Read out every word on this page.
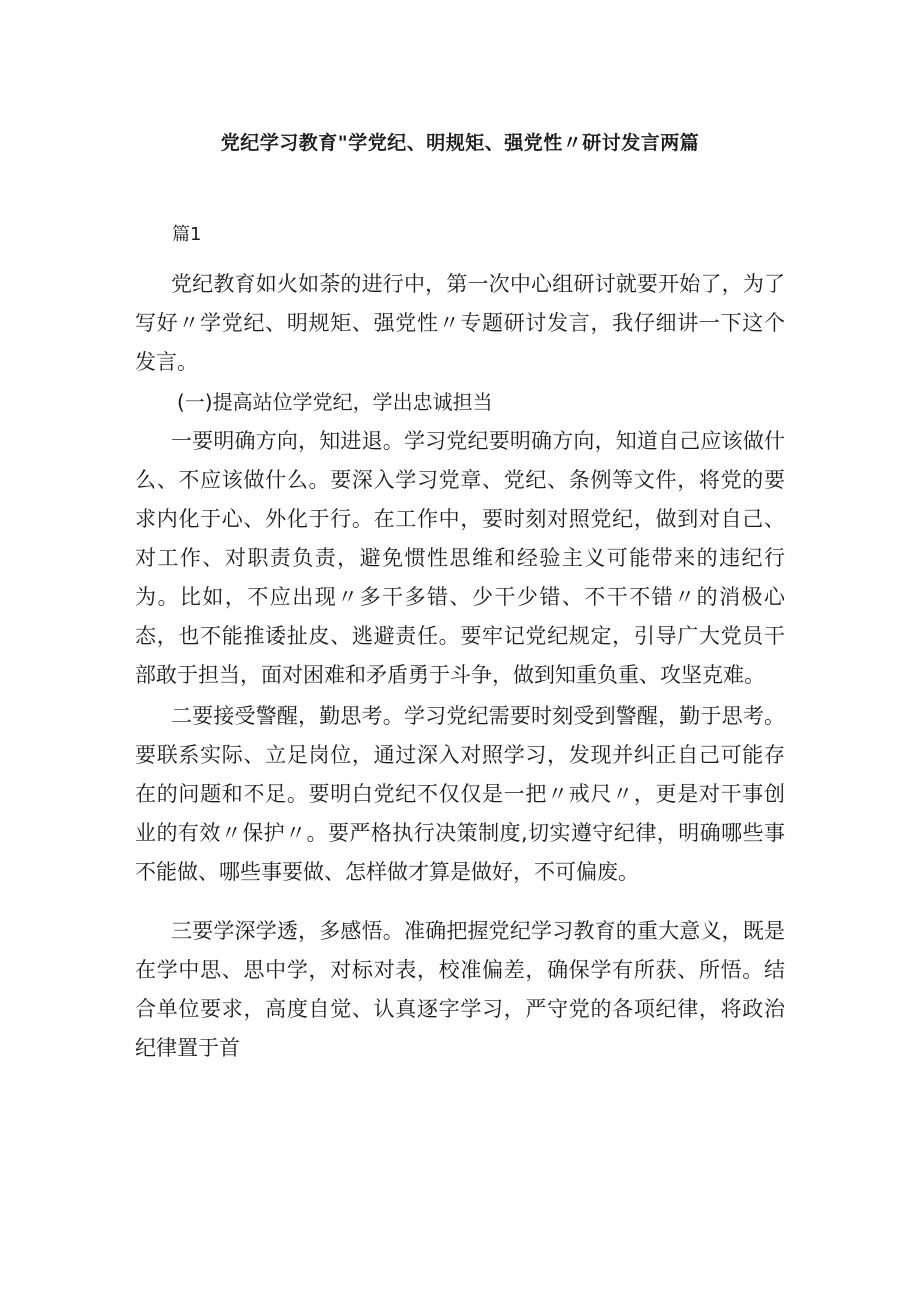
党纪学习教育"学党纪、明规矩、强党性〃研讨发言两篇

篇1

党纪教育如火如荼的进行中，第一次中心组研讨就要开始了，为了写好〃学党纪、明规矩、强党性〃专题研讨发言，我仔细讲一下这个发言。

(一)提高站位学党纪，学出忠诚担当

一要明确方向，知进退。学习党纪要明确方向，知道自己应该做什么、不应该做什么。要深入学习党章、党纪、条例等文件，将党的要求内化于心、外化于行。在工作中，要时刻对照党纪，做到对自己、对工作、对职责负责，避免惯性思维和经验主义可能带来的违纪行为。比如，不应出现〃多干多错、少干少错、不干不错〃的消极心态，也不能推诿扯皮、逃避责任。要牢记党纪规定，引导广大党员干部敢于担当，面对困难和矛盾勇于斗争，做到知重负重、攻坚克难。

二要接受警醒，勤思考。学习党纪需要时刻受到警醒，勤于思考。要联系实际、立足岗位，通过深入对照学习，发现并纠正自己可能存在的问题和不足。要明白党纪不仅仅是一把〃戒尺〃，更是对干事创业的有效〃保护〃。要严格执行决策制度,切实遵守纪律，明确哪些事不能做、哪些事要做、怎样做才算是做好，不可偏废。

三要学深学透，多感悟。准确把握党纪学习教育的重大意义，既是在学中思、思中学，对标对表，校准偏差，确保学有所获、所悟。结合单位要求，高度自觉、认真逐字学习，严守党的各项纪律，将政治纪律置于首
